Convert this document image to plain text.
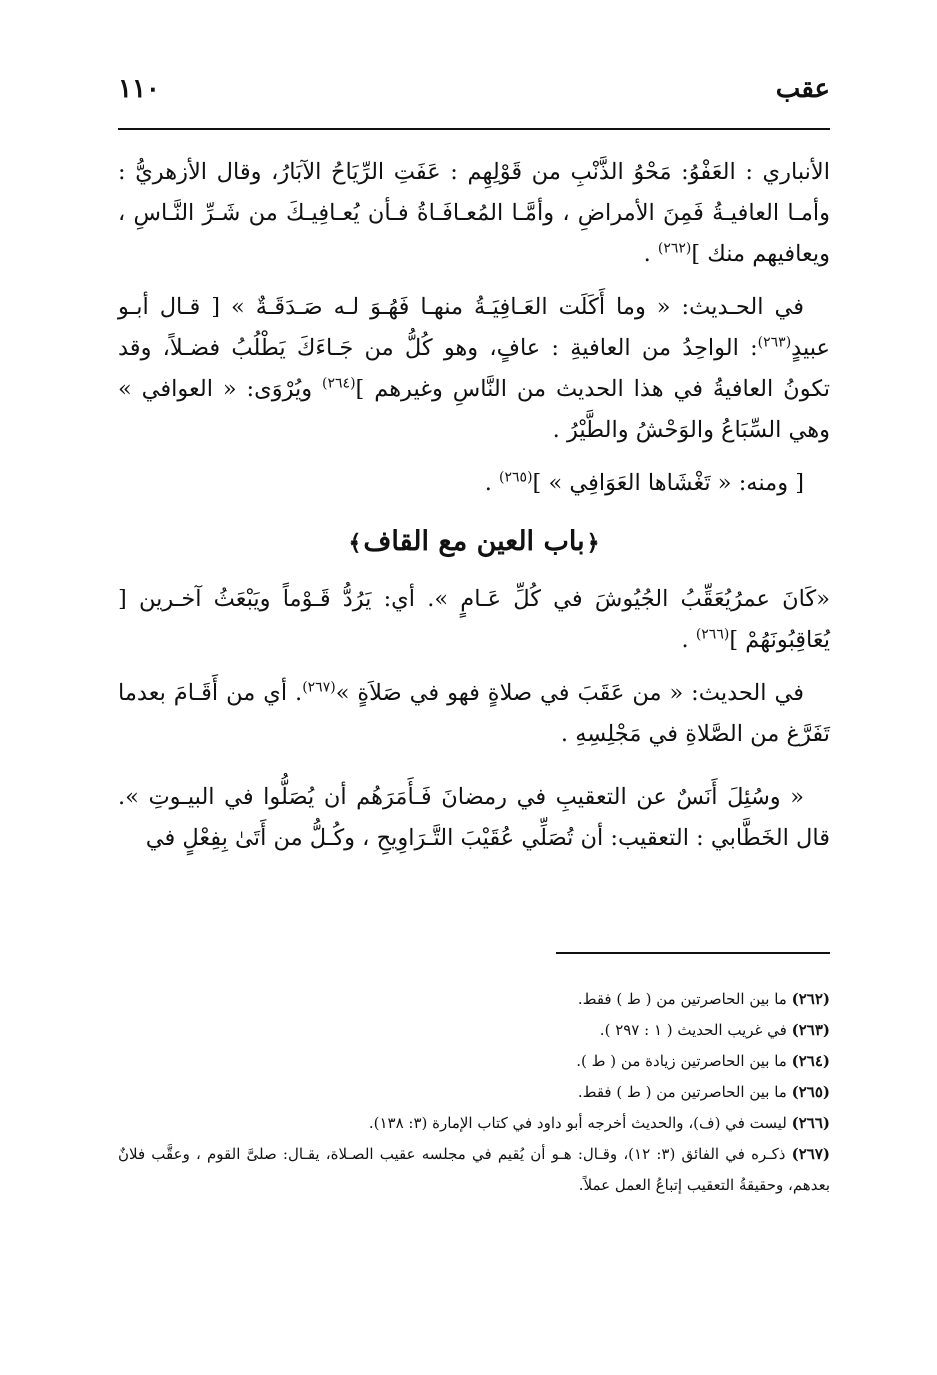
عقب
١١٠

الأنباري : العَفْوُ: مَحْوُ الذَّنْبِ من قَوْلِهِم : عَفَتِ الرِّيَاحُ الآبَارُ، وقال الأزهريُّ : وأمـا العافيـةُ فَمِنَ الأمراضِ ، وأمَّـا المُعـافَـاةُ فـأن يُعـافِيـكَ من شَـرِّ النَّـاسِ ، ويعافيهم منك ]$^{(٢٦٢)}$ .

في الحـديث: « وما أَكَلَت العَـافِيَـةُ منهـا فَهُـوَ لـه صَـدَقَـةٌ » [ قـال أبـو عبيدٍ$^{(٢٦٣)}$: الواحِدُ من العافيةِ : عافٍ، وهو كُلُّ من جَـاءَكَ يَطْلُبُ فضـلاً، وقد تكونُ العافيةُ في هذا الحديث من النَّاسِ وغيرهم ]$^{(٢٦٤)}$ ويُرْوَى: « العوافي » وهي السِّبَاعُ والوَحْشُ والطَّيْرُ .

[ ومنه: « تَغْشَاها العَوَافِي » ]$^{(٢٦٥)}$ .

﴿باب العين مع القاف﴾

«كَانَ عمرُيُعَقِّبُ الجُيُوشَ في كُلِّ عَـامٍ ». أي: يَرُدُّ قَـوْماً ويَبْعَثُ آخـرين [ يُعَاقِبُونَهُمْ ]$^{(٢٦٦)}$ .

في الحديث: « من عَقَبَ في صلاةٍ فهو في صَلاَةٍ »$^{(٢٦٧)}$. أي من أَقَـامَ بعدما تَفَرَّغ من الصَّلاةِ في مَجْلِسِهِ .

« وسُئِلَ أَنَسٌ عن التعقيبِ في رمضانَ فَـأَمَرَهُم أن يُصَلُّوا في البيـوتِ ». قال الخَطَّابي : التعقيب: أن تُصَلِّي عُقَيْبَ التَّـرَاوِيحِ ، وكُـلُّ من أَتَىٰ بِفِعْلٍ في

(٢٦٢) ما بين الحاصرتين من ( ط ) فقط.

(٢٦٣) في غريب الحديث ( ١ : ٢٩٧ ).

(٢٦٤) ما بين الحاصرتين زيادة من ( ط ).

(٢٦٥) ما بين الحاصرتين من ( ط ) فقط.

(٢٦٦) ليست في (ف)، والحديث أخرجه أبو داود في كتاب الإمارة (٣: ١٣٨).

(٢٦٧) ذكـره في الفائق (٣: ١٢)، وقـال: هـو أن يُقيم في مجلسه عقيب الصـلاة، يقـال: صلىَّ القوم ، وعقَّب فلانٌ بعدهم، وحقيقةُ التعقيب إتباعُ العمل عملاً.
